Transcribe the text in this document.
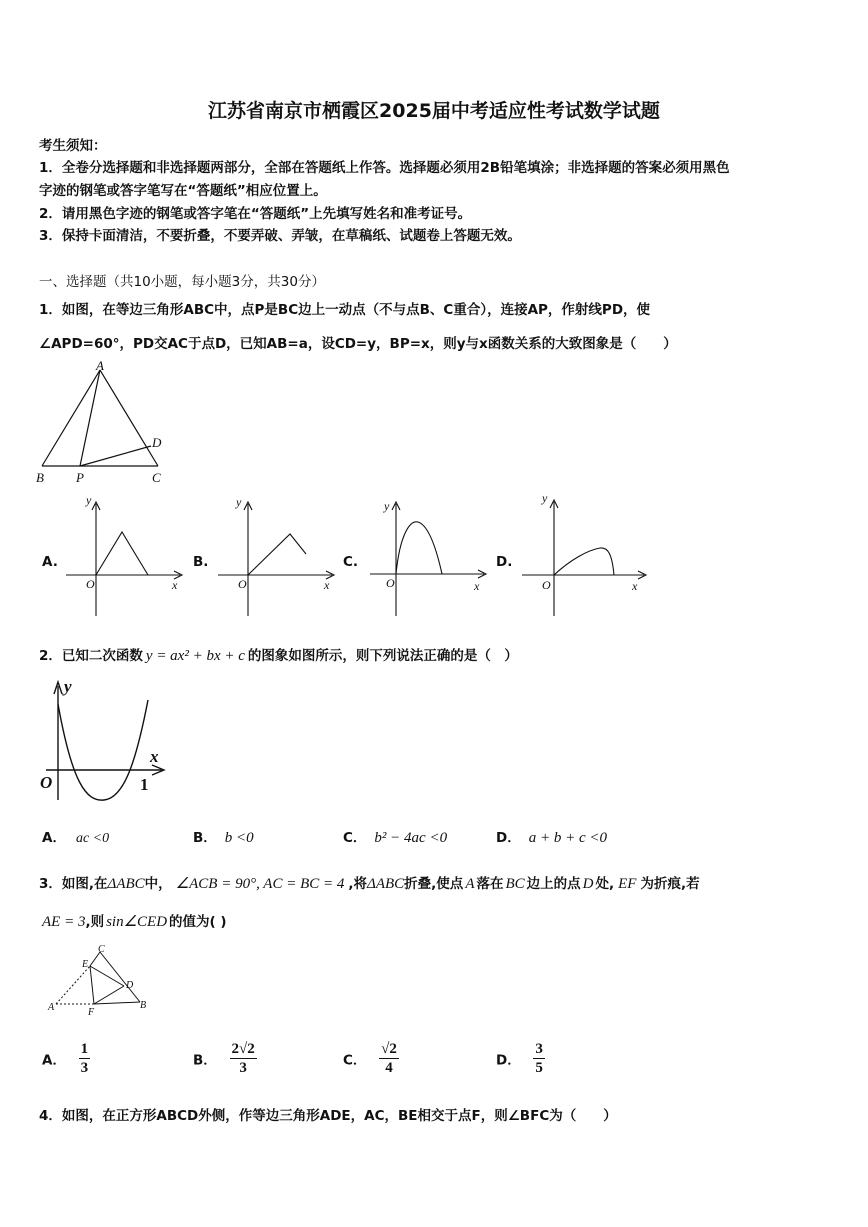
江苏省南京市栖霞区2025届中考适应性考试数学试题
考生须知：
1．全卷分选择题和非选择题两部分，全部在答题纸上作答。选择题必须用2B铅笔填涂；非选择题的答案必须用黑色
字迹的钢笔或答字笔写在“答题纸”相应位置上。
2．请用黑色字迹的钢笔或答字笔在“答题纸”上先填写姓名和准考证号。
3．保持卡面清洁，不要折叠，不要弄破、弄皱，在草稿纸、试题卷上答题无效。
一、选择题（共10小题，每小题3分，共30分）
1．如图，在等边三角形ABC中，点P是BC边上一动点（不与点B、C重合），连接AP，作射线PD，使
∠APD=60°，PD交AC于点D，已知AB=a，设CD=y，BP=x，则y与x函数关系的大致图象是（　　）
A
B	C
D
P
A.	B.	C.	D.
y
x
O
y
x
O
y
x
O
y
x
O
2．已知二次函数 y = ax² + bx + c 的图象如图所示，则下列说法正确的是（　）
y
x
O	1
A． ac <0	B． b <0	C． b² − 4ac <0	D． a + b + c <0
3．如图,在ΔABC中， ∠ACB = 90°, AC = BC = 4 ,将ΔABC折叠,使点 A 落在 BC 边上的点 D 处, EF 为折痕,若
AE = 3,则 sin∠CED 的值为( )
C
E
D
A	F
B
A． $\frac{1}{3}$	B． $\frac{2√2}{3}$	C． $\frac{√2}{4}$	D． $\frac{3}{5}$
4．如图，在正方形ABCD外侧，作等边三角形ADE，AC，BE相交于点F，则∠BFC为（　　）
